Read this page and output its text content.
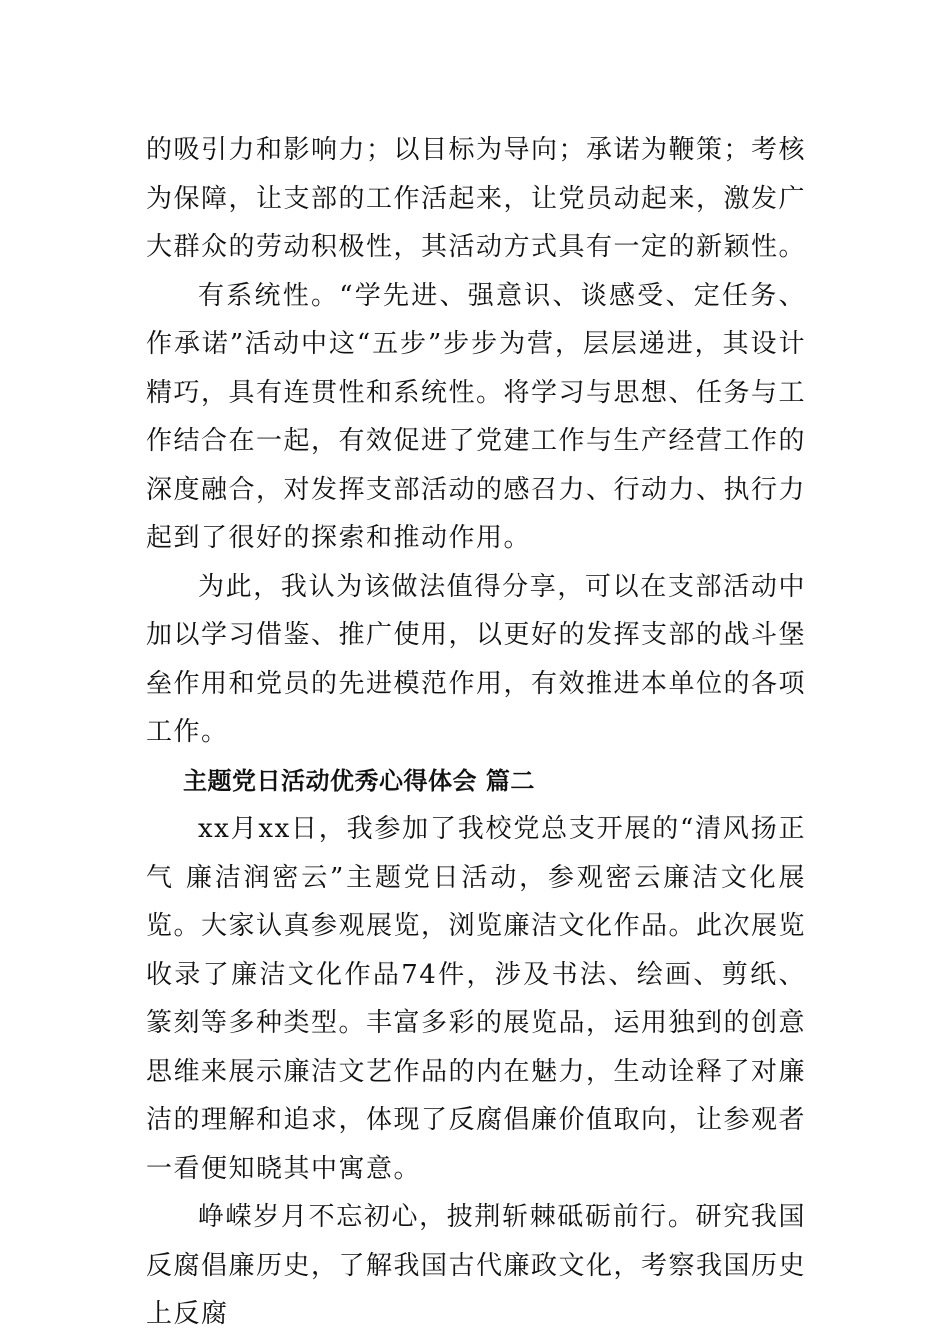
的吸引力和影响力；以目标为导向；承诺为鞭策；考核为保障，让支部的工作活起来，让党员动起来，激发广大群众的劳动积极性，其活动方式具有一定的新颖性。

有系统性。“学先进、强意识、谈感受、定任务、作承诺”活动中这“五步”步步为营，层层递进，其设计精巧，具有连贯性和系统性。将学习与思想、任务与工作结合在一起，有效促进了党建工作与生产经营工作的深度融合，对发挥支部活动的感召力、行动力、执行力起到了很好的探索和推动作用。

为此，我认为该做法值得分享，可以在支部活动中加以学习借鉴、推广使用，以更好的发挥支部的战斗堡垒作用和党员的先进模范作用，有效推进本单位的各项工作。

主题党日活动优秀心得体会 篇二

xx月xx日，我参加了我校党总支开展的“清风扬正气 廉洁润密云”主题党日活动，参观密云廉洁文化展览。大家认真参观展览，浏览廉洁文化作品。此次展览收录了廉洁文化作品74件，涉及书法、绘画、剪纸、篆刻等多种类型。丰富多彩的展览品，运用独到的创意思维来展示廉洁文艺作品的内在魅力，生动诠释了对廉洁的理解和追求，体现了反腐倡廉价值取向，让参观者一看便知晓其中寓意。

峥嵘岁月不忘初心，披荆斩棘砥砺前行。研究我国反腐倡廉历史，了解我国古代廉政文化，考察我国历史上反腐
